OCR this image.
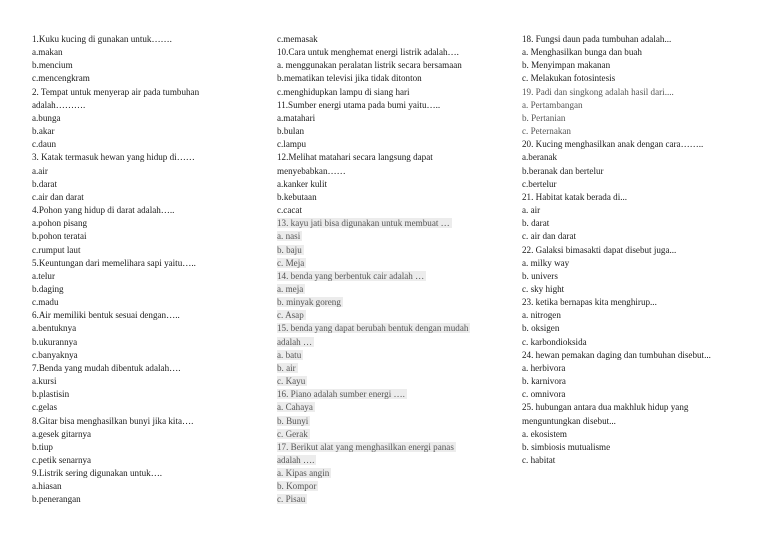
1.Kuku kucing di gunakan untuk…….
a.makan
b.mencium
c.mencengkram
2. Tempat untuk menyerap air pada tumbuhan
adalah……….
a.bunga
b.akar
c.daun
3. Katak termasuk hewan yang hidup di……
a.air
b.darat
c.air dan darat
4.Pohon yang hidup di darat adalah…..
a.pohon pisang
b.pohon teratai
c.rumput laut
5.Keuntungan dari memelihara sapi yaitu…..
a.telur
b.daging
c.madu
6.Air memiliki bentuk sesuai dengan…..
a.bentuknya
b.ukurannya
c.banyaknya
7.Benda yang mudah dibentuk adalah….
a.kursi
b.plastisin
c.gelas
8.Gitar bisa menghasilkan bunyi jika kita….
a.gesek gitarnya
b.tiup
c.petik senarnya
9.Listrik sering digunakan untuk….
a.hiasan
b.penerangan
c.memasak
10.Cara untuk menghemat energi listrik adalah….
a. menggunakan peralatan listrik secara bersamaan
b.mematikan televisi jika tidak ditonton
c.menghidupkan lampu di siang hari
11.Sumber energi utama pada bumi yaitu…..
a.matahari
b.bulan
c.lampu
12.Melihat matahari secara langsung dapat
menyebabkan……
a.kanker kulit
b.kebutaan
c.cacat
13. kayu jati bisa digunakan untuk membuat …
a. nasi
b. baju
c. Meja
14. benda yang berbentuk cair adalah …
a. meja
b. minyak goreng
c. Asap
15. benda yang dapat berubah bentuk dengan mudah
adalah …
a. batu
b. air
c. Kayu
16. Piano adalah sumber energi ….
a. Cahaya
b. Bunyi
c. Gerak
17. Berikut alat yang menghasilkan energi panas
adalah ….
a. Kipas angin
b. Kompor
c. Pisau
18. Fungsi daun pada tumbuhan adalah...
a. Menghasilkan bunga dan buah
b. Menyimpan makanan
c. Melakukan fotosintesis
19. Padi dan singkong adalah hasil dari....
a. Pertambangan
b. Pertanian
c. Peternakan
20. Kucing menghasilkan anak dengan cara……..
a.beranak
b.beranak dan bertelur
c.bertelur
21. Habitat katak berada di...
a. air
b. darat
c. air dan darat
22. Galaksi bimasakti dapat disebut juga...
a. milky way
b. univers
c. sky hight
23. ketika bernapas kita menghirup...
a. nitrogen
b. oksigen
c. karbondioksida
24. hewan pemakan daging dan tumbuhan disebut...
a. herbivora
b. karnivora
c. omnivora
25. hubungan antara dua makhluk hidup yang
menguntungkan disebut...
a. ekosistem
b. simbiosis mutualisme
c. habitat
